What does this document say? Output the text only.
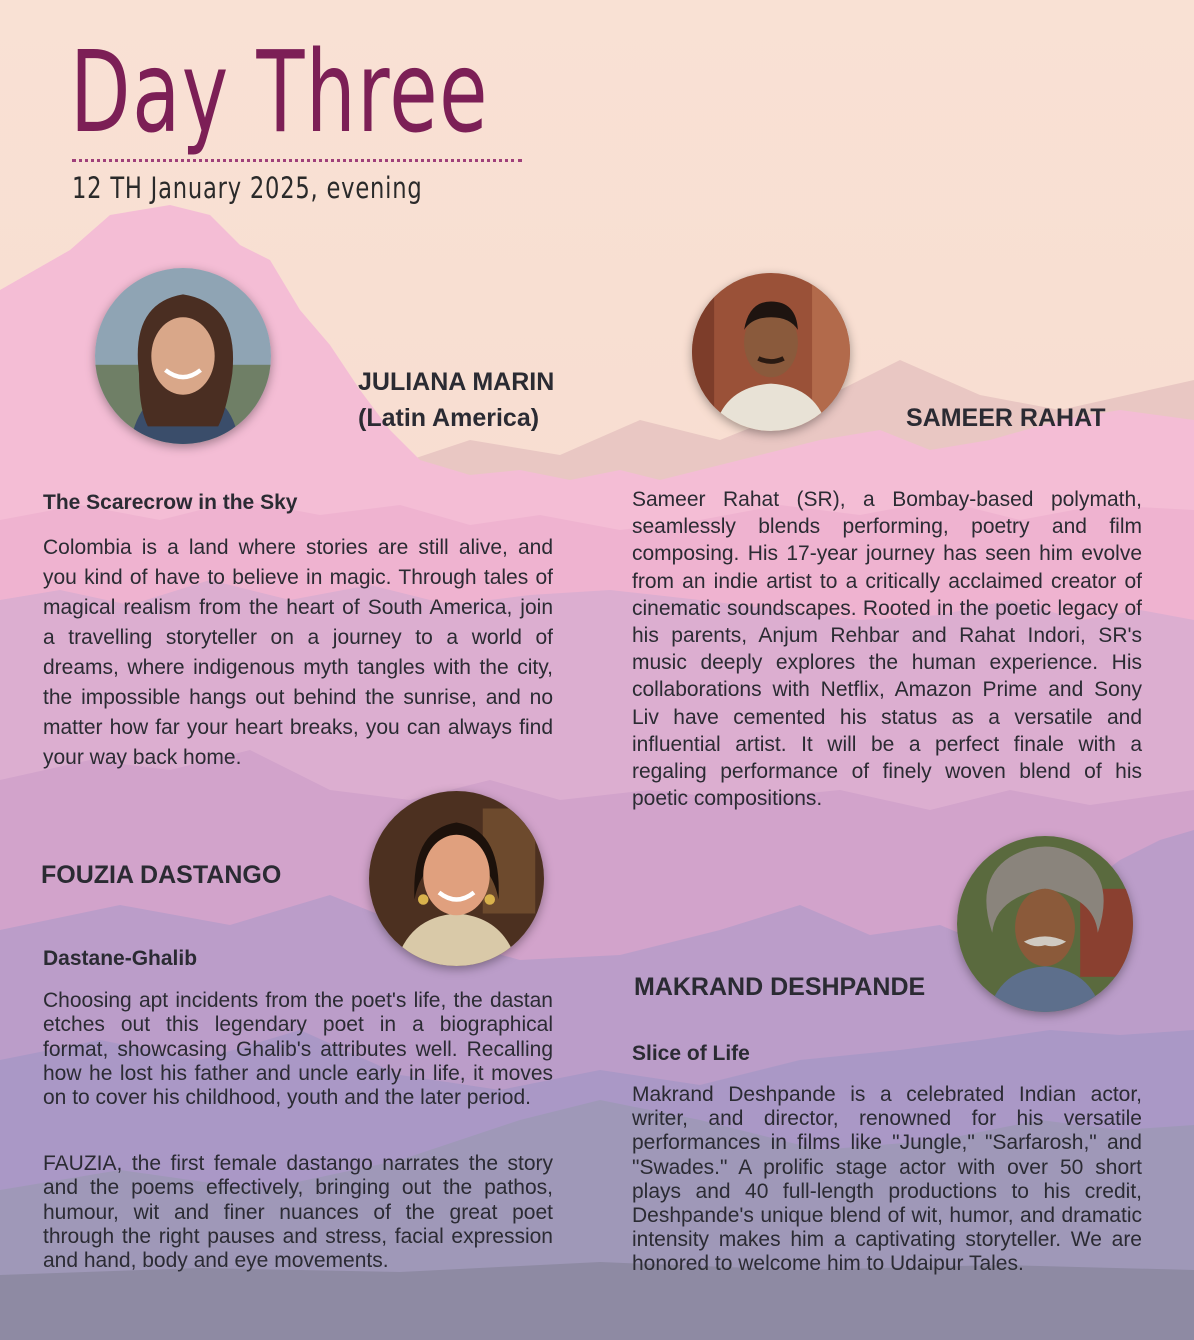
Day Three
12 TH January 2025, evening
JULIANA MARIN
(Latin America)
The Scarecrow in the Sky

Colombia is a land where stories are still alive, and you kind of have to believe in magic. Through tales of magical realism from the heart of South America, join a travelling storyteller on a journey to a world of dreams, where indigenous myth tangles with the city, the impossible hangs out behind the sunrise, and no matter how far your heart breaks, you can always find your way back home.

SAMEER RAHAT

Sameer Rahat (SR), a Bombay-based polymath, seamlessly blends performing, poetry and film composing. His 17-year journey has seen him evolve from an indie artist to a critically acclaimed creator of cinematic soundscapes. Rooted in the poetic legacy of his parents, Anjum Rehbar and Rahat Indori, SR's music deeply explores the human experience. His collaborations with Netflix, Amazon Prime and Sony Liv have cemented his status as a versatile and influential artist. It will be a perfect finale with a regaling performance of finely woven blend of his poetic compositions.

FOUZIA DASTANGO
Dastane-Ghalib

Choosing apt incidents from the poet's life, the dastan etches out this legendary poet in a biographical format, showcasing Ghalib's attributes well. Recalling how he lost his father and uncle early in life, it moves on to cover his childhood, youth and the later period.

FAUZIA, the first female dastango narrates the story and the poems effectively, bringing out the pathos, humour, wit and finer nuances of the great poet through the right pauses and stress, facial expression and hand, body and eye movements.

MAKRAND DESHPANDE
Slice of Life

Makrand Deshpande is a celebrated Indian actor, writer, and director, renowned for his versatile performances in films like "Jungle," "Sarfarosh," and "Swades." A prolific stage actor with over 50 short plays and 40 full-length productions to his credit, Deshpande's unique blend of wit, humor, and dramatic intensity makes him a captivating storyteller. We are honored to welcome him to Udaipur Tales.
